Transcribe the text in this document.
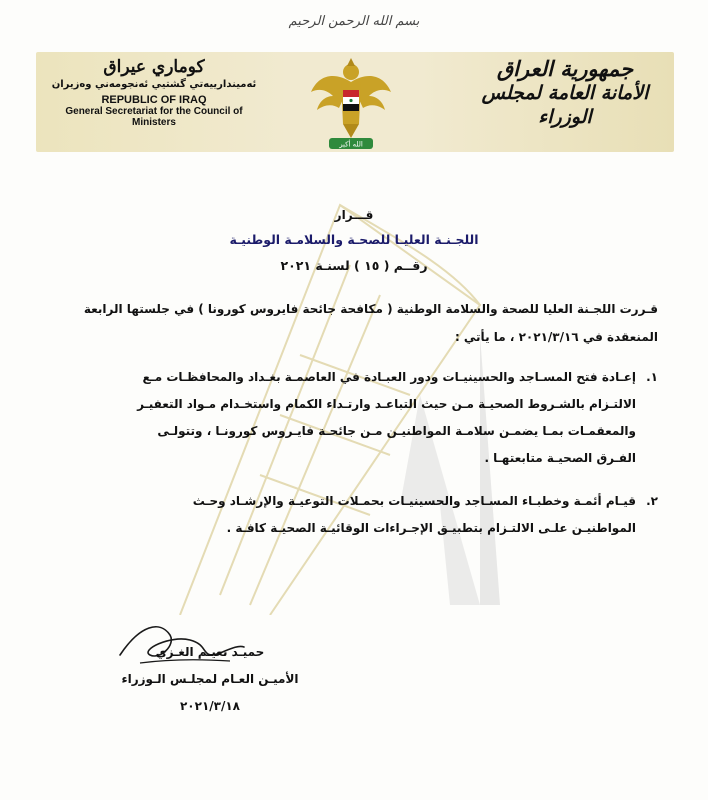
بسم الله الرحمن الرحيم
كوماري عيراق
ئه‌ميندارييه‌تي گشتيي ئه‌نجومه‌ني وه‌زيران
REPUBLIC OF IRAQ
General Secretariat for the Council of Ministers
الله أكبر
جمهورية العراق
الأمانة العامة لمجلس الوزراء
قـــرار
اللجـنـة العليـا للصحـة والسلامـة الوطنيـة
رقــم ( ١٥ ) لسنـة ٢٠٢١
قـررت اللجـنة العليا للصحة والسلامة الوطنية ( مكافحة جائحة فايروس كورونا ) في جلستها الرابعة
المنعقدة في ٢٠٢١/٣/١٦ ، ما يأتي :
١.إعـادة فتح المسـاجد والحسينيـات ودور العبـادة في العاصمـة بغـداد والمحافظـات مـع
الالتـزام بالشـروط الصحيـة مـن حيث التباعـد وارتـداء الكمام واستخـدام مـواد التعفيـر
والمعقمـات بمـا يضمـن سلامـة المواطنيـن مـن جائحـة فايـروس كورونـا ، وتتولـى
الفـرق الصحيـة متابعتهـا .
٢.قيـام أئمـة وخطبـاء المسـاجد والحسينيـات بحمـلات التوعيـة والإرشـاد وحـث
المواطنيـن علـى الالتـزام بتطبيـق الإجـراءات الوقائيـة الصحيـة كافـة .
حميـد نعيـم الغـزي
الأميـن العـام لمجلـس الـوزراء
٢٠٢١/٣/١٨
